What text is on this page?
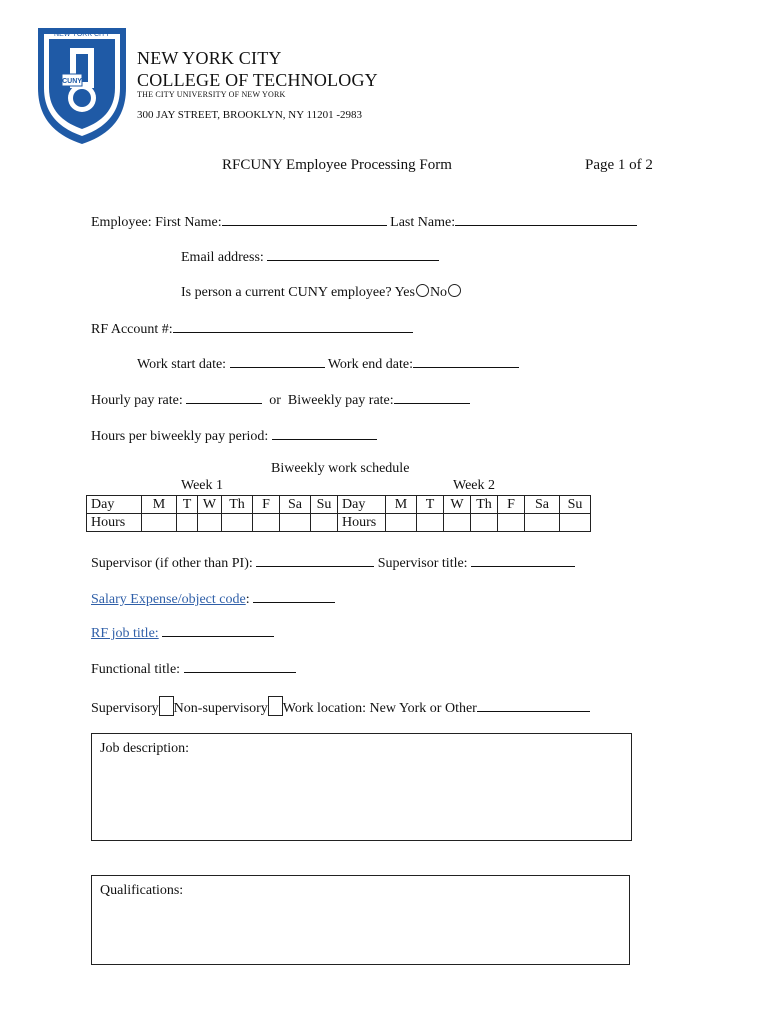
CUNY
NEW YORK CITY
NEW YORK CITY
COLLEGE OF TECHNOLOGY
THE CITY UNIVERSITY OF NEW YORK
300 JAY STREET, BROOKLYN, NY 11201 -2983
RFCUNY Employee Processing Form	Page 1 of 2
Employee: First Name:	Last Name:
Email address:
Is person a current CUNY employee? Yes No
RF Account #:
Work start date:	Work end date:
Hourly pay rate:	or Biweekly pay rate:
Hours per biweekly pay period:
Biweekly work schedule
Week 1	Week 2
Day	M	T	W	Th	F	Sa	Su	Day	M	T	W	Th	F	Sa	Su
Hours								Hours							
Supervisor (if other than PI):	Supervisor title:
Salary Expense/object code:
RF job title:
Functional title:
Supervisory Non-supervisory Work location: New York or Other
Job description:
Qualifications:
